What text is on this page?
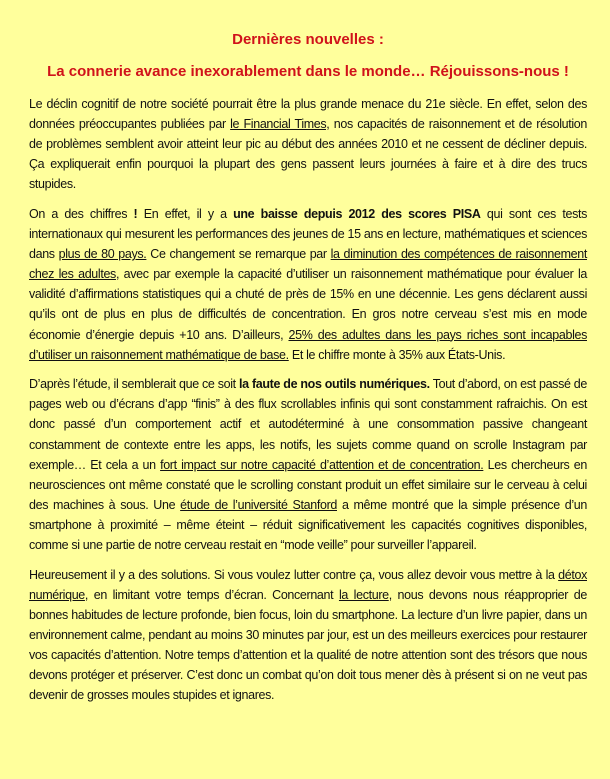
Dernières nouvelles :
La connerie avance inexorablement dans le monde… Réjouissons-nous !

Le déclin cognitif de notre société pourrait être la plus grande menace du 21e siècle. En effet, selon des données préoccupantes publiées par le Financial Times, nos capacités de raisonnement et de résolution de problèmes semblent avoir atteint leur pic au début des années 2010 et ne cessent de décliner depuis. Ça expliquerait enfin pourquoi la plupart des gens passent leurs journées à faire et à dire des trucs stupides.

On a des chiffres ! En effet, il y a une baisse depuis 2012 des scores PISA qui sont ces tests internationaux qui mesurent les performances des jeunes de 15 ans en lecture, mathématiques et sciences dans plus de 80 pays. Ce changement se remarque par la diminution des compétences de raisonnement chez les adultes, avec par exemple la capacité d’utiliser un raisonnement mathématique pour évaluer la validité d’affirmations statistiques qui a chuté de près de 15% en une décennie. Les gens déclarent aussi qu’ils ont de plus en plus de difficultés de concentration. En gros notre cerveau s’est mis en mode économie d’énergie depuis +10 ans. D’ailleurs, 25% des adultes dans les pays riches sont incapables d’utiliser un raisonnement mathématique de base. Et le chiffre monte à 35% aux États-Unis.

D’après l’étude, il semblerait que ce soit la faute de nos outils numériques. Tout d’abord, on est passé de pages web ou d’écrans d’app “finis” à des flux scrollables infinis qui sont constamment rafraichis. On est donc passé d’un comportement actif et autodéterminé à une consommation passive changeant constamment de contexte entre les apps, les notifs, les sujets comme quand on scrolle Instagram par exemple… Et cela a un fort impact sur notre capacité d’attention et de concentration. Les chercheurs en neurosciences ont même constaté que le scrolling constant produit un effet similaire sur le cerveau à celui des machines à sous. Une étude de l’université Stanford a même montré que la simple présence d’un smartphone à proximité – même éteint – réduit significativement les capacités cognitives disponibles, comme si une partie de notre cerveau restait en “mode veille” pour surveiller l’appareil.

Heureusement il y a des solutions. Si vous voulez lutter contre ça, vous allez devoir vous mettre à la détox numérique, en limitant votre temps d’écran. Concernant la lecture, nous devons nous réapproprier de bonnes habitudes de lecture profonde, bien focus, loin du smartphone. La lecture d’un livre papier, dans un environnement calme, pendant au moins 30 minutes par jour, est un des meilleurs exercices pour restaurer vos capacités d’attention. Notre temps d’attention et la qualité de notre attention sont des trésors que nous devons protéger et préserver. C’est donc un combat qu’on doit tous mener dès à présent si on ne veut pas devenir de grosses moules stupides et ignares.
